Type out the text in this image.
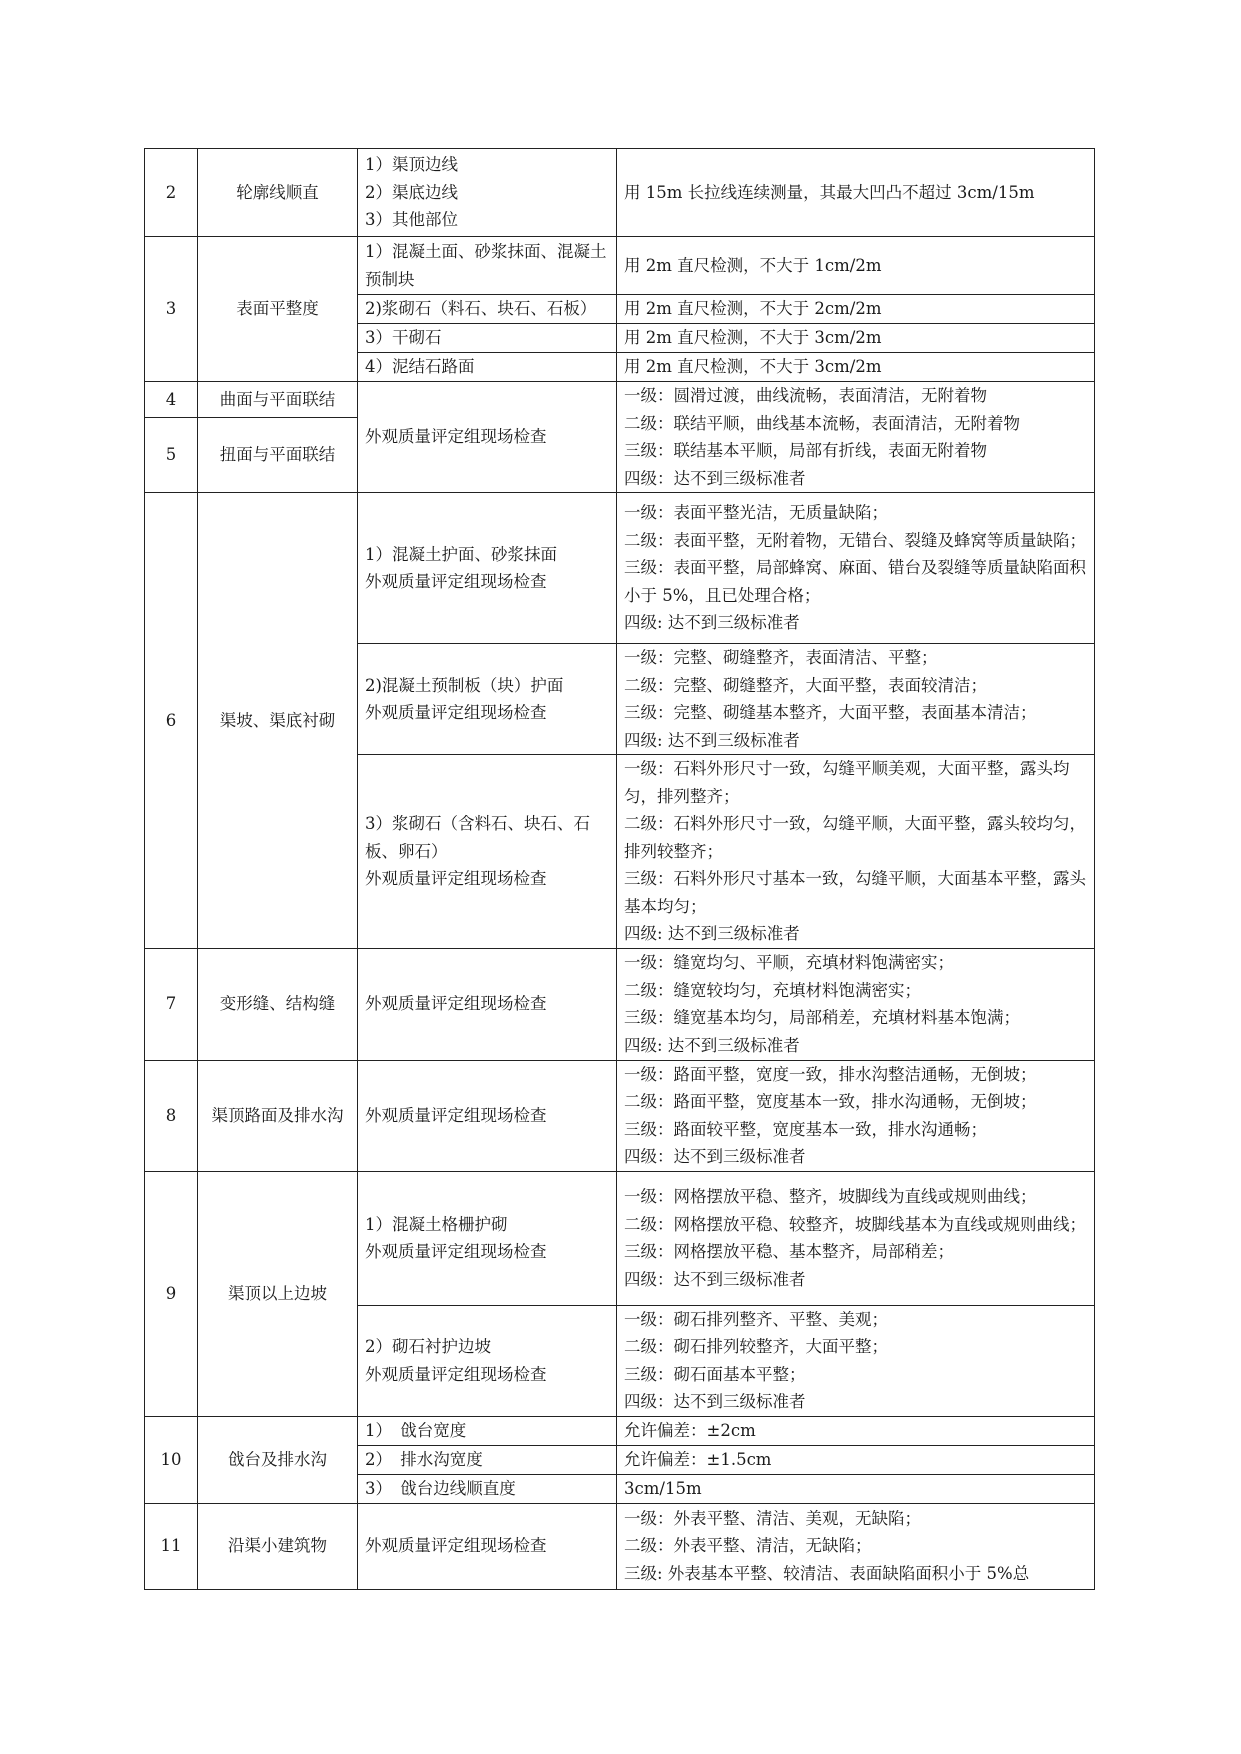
2	轮廓线顺直	1）渠顶边线
2）渠底边线
3）其他部位	用 15m 长拉线连续测量，其最大凹凸不超过 3cm/15m

3	表面平整度	1）混凝土面、砂浆抹面、混凝土预制块	用 2m 直尺检测，不大于 1cm/2m

		2)浆砌石（料石、块石、石板）	用 2m 直尺检测，不大于 2cm/2m

		3）干砌石	用 2m 直尺检测，不大于 3cm/2m

		4）泥结石路面	用 2m 直尺检测，不大于 3cm/2m

4	曲面与平面联结	外观质量评定组现场检查	一级：圆滑过渡，曲线流畅，表面清洁，无附着物
二级：联结平顺，曲线基本流畅，表面清洁，无附着物
三级：联结基本平顺，局部有折线，表面无附着物
四级：达不到三级标准者

5	扭面与平面联结		
6	渠坡、渠底衬砌	1）混凝土护面、砂浆抹面
外观质量评定组现场检查	一级：表面平整光洁，无质量缺陷；
二级：表面平整，无附着物，无错台、裂缝及蜂窝等质量缺陷；
三级：表面平整，局部蜂窝、麻面、错台及裂缝等质量缺陷面积小于 5%，且已处理合格；
四级: 达不到三级标准者

		2)混凝土预制板（块）护面
外观质量评定组现场检查	一级：完整、砌缝整齐，表面清洁、平整；
二级：完整、砌缝整齐，大面平整，表面较清洁；
三级：完整、砌缝基本整齐，大面平整，表面基本清洁；
四级: 达不到三级标准者

		3）浆砌石（含料石、块石、石板、卵石）
外观质量评定组现场检查	一级：石料外形尺寸一致，勾缝平顺美观，大面平整，露头均匀，排列整齐；
二级：石料外形尺寸一致，勾缝平顺，大面平整，露头较均匀，排列较整齐；
三级：石料外形尺寸基本一致，勾缝平顺，大面基本平整，露头基本均匀；
四级: 达不到三级标准者

7	变形缝、结构缝	外观质量评定组现场检查	一级：缝宽均匀、平顺，充填材料饱满密实；
二级：缝宽较均匀，充填材料饱满密实；
三级：缝宽基本均匀，局部稍差，充填材料基本饱满；
四级: 达不到三级标准者

8	渠顶路面及排水沟	外观质量评定组现场检查	一级：路面平整，宽度一致，排水沟整洁通畅，无倒坡；
二级：路面平整，宽度基本一致，排水沟通畅，无倒坡；
三级：路面较平整，宽度基本一致，排水沟通畅；
四级：达不到三级标准者

9	渠顶以上边坡	1）混凝土格栅护砌
外观质量评定组现场检查	一级：网格摆放平稳、整齐，坡脚线为直线或规则曲线；
二级：网格摆放平稳、较整齐，坡脚线基本为直线或规则曲线；
三级：网格摆放平稳、基本整齐，局部稍差；
四级：达不到三级标准者

		2）砌石衬护边坡
外观质量评定组现场检查	一级：砌石排列整齐、平整、美观；
二级：砌石排列较整齐，大面平整；
三级：砌石面基本平整；
四级：达不到三级标准者

10	戗台及排水沟	1）　戗台宽度	允许偏差：±2cm

		2）　排水沟宽度	允许偏差：±1.5cm

		3）　戗台边线顺直度	3cm/15m

11	沿渠小建筑物	外观质量评定组现场检查	一级：外表平整、清洁、美观，无缺陷；
二级：外表平整、清洁，无缺陷；
三级: 外表基本平整、较清洁、表面缺陷面积小于 5%总
